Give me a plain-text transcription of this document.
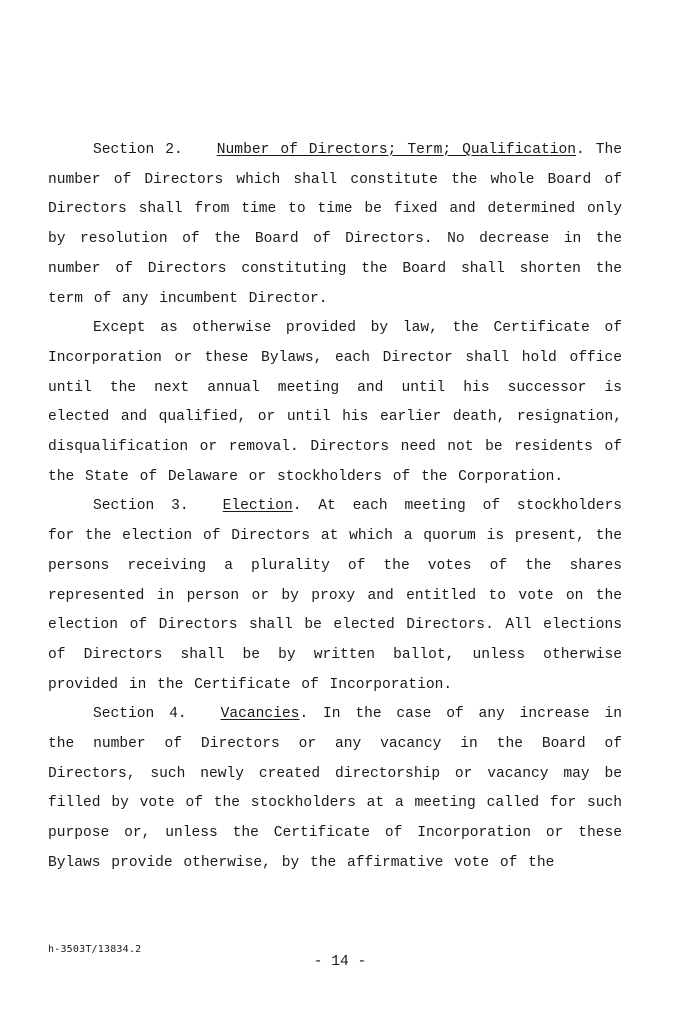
Section 2. Number of Directors; Term; Qualification. The number of Directors which shall constitute the whole Board of Directors shall from time to time be fixed and determined only by resolution of the Board of Directors. No decrease in the number of Directors constituting the Board shall shorten the term of any incumbent Director.

Except as otherwise provided by law, the Certificate of Incorporation or these Bylaws, each Director shall hold office until the next annual meeting and until his successor is elected and qualified, or until his earlier death, resignation, disqualification or removal. Directors need not be residents of the State of Delaware or stockholders of the Corporation.

Section 3. Election. At each meeting of stockholders for the election of Directors at which a quorum is present, the persons receiving a plurality of the votes of the shares represented in person or by proxy and entitled to vote on the election of Directors shall be elected Directors. All elections of Directors shall be by written ballot, unless otherwise provided in the Certificate of Incorporation.

Section 4. Vacancies. In the case of any increase in the number of Directors or any vacancy in the Board of Directors, such newly created directorship or vacancy may be filled by vote of the stockholders at a meeting called for such purpose or, unless the Certificate of Incorporation or these Bylaws provide otherwise, by the affirmative vote of the

h-3503T/13834.2
- 14 -
